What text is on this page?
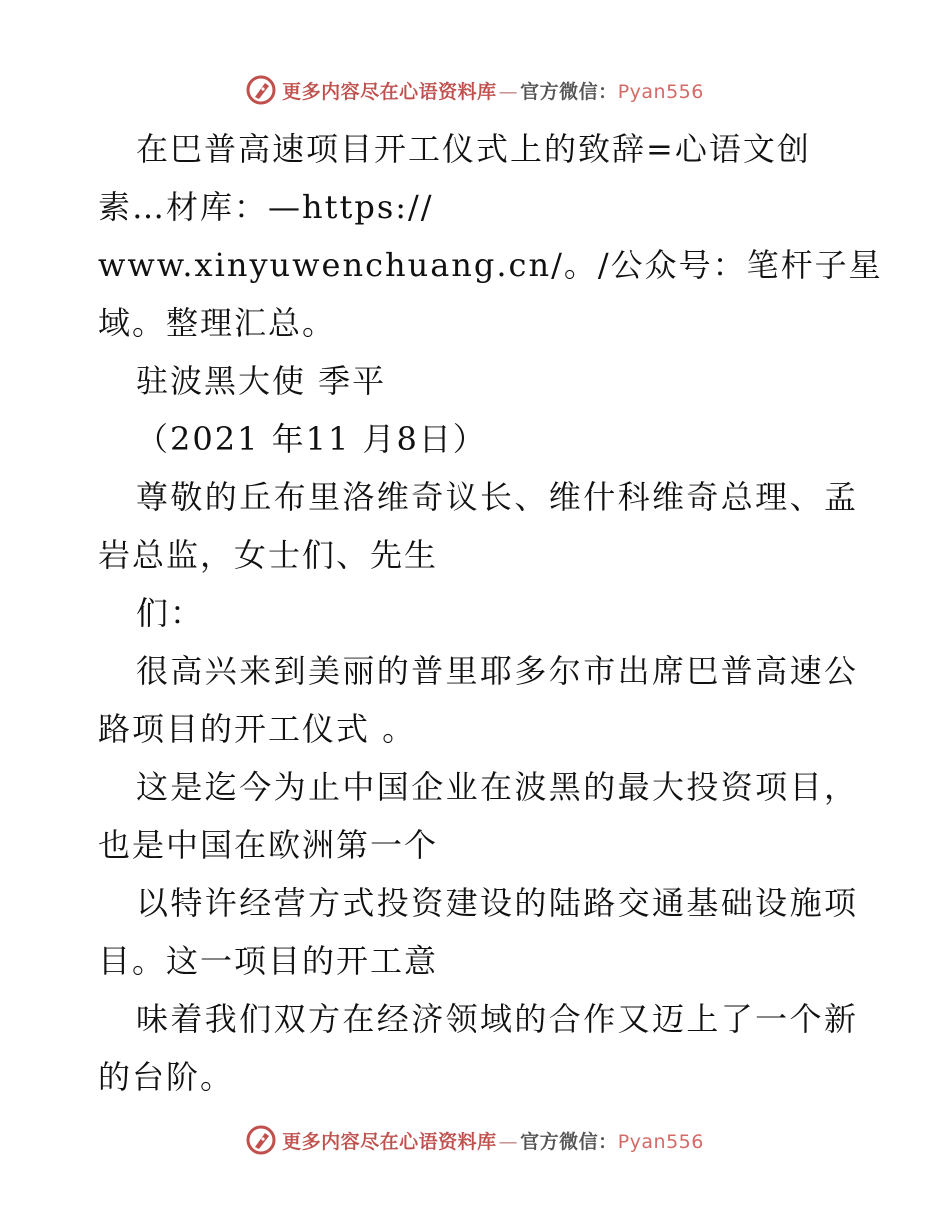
更多内容尽在心语资料库 — 官方微信：Pyan556
在巴普高速项目开工仪式上的致辞=心语文创
素…材库：—https://
www.xinyuwenchuang.cn/。/公众号：笔杆子星
域。整理汇总。
驻波黑大使 季平
（2021 年11 月8日）
尊敬的丘布里洛维奇议长、维什科维奇总理、孟
岩总监，女士们、先生
们：
很高兴来到美丽的普里耶多尔市出席巴普高速公
路项目的开工仪式 。
这是迄今为止中国企业在波黑的最大投资项目，
也是中国在欧洲第一个
以特许经营方式投资建设的陆路交通基础设施项
目。这一项目的开工意
味着我们双方在经济领域的合作又迈上了一个新
的台阶。
更多内容尽在心语资料库 — 官方微信：Pyan556
